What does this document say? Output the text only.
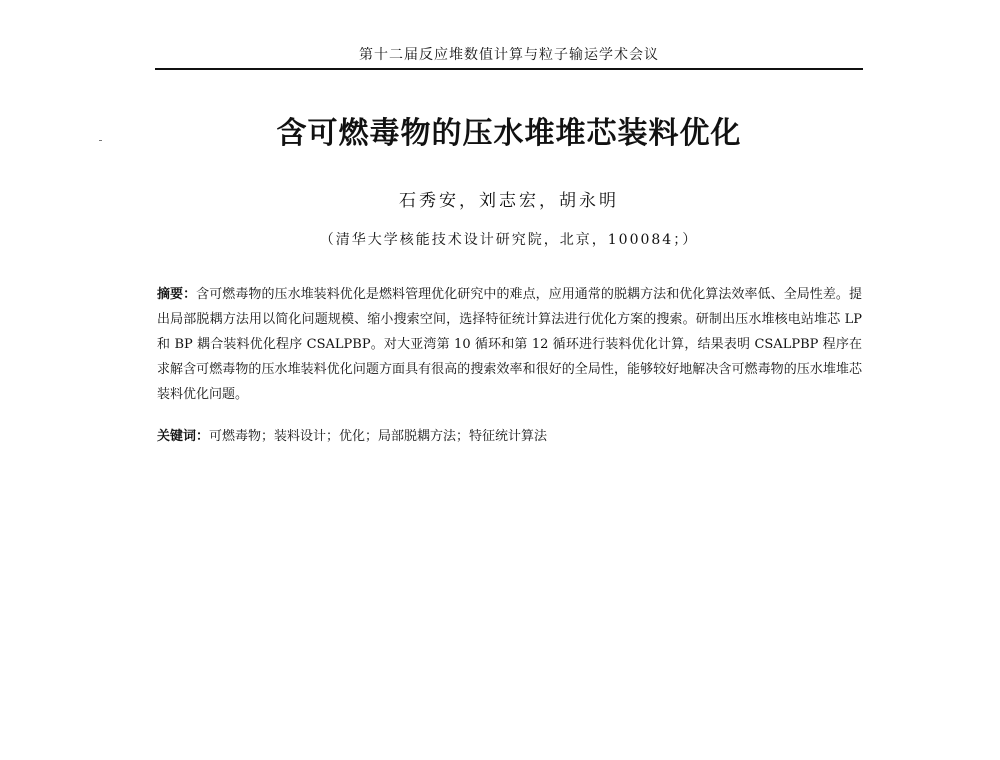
第十二届反应堆数值计算与粒子输运学术会议
含可燃毒物的压水堆堆芯装料优化
石秀安，刘志宏，胡永明
（清华大学核能技术设计研究院，北京，100084；）

摘要：含可燃毒物的压水堆装料优化是燃料管理优化研究中的难点，应用通常的脱耦方法和优化算法效率低、全局性差。提出局部脱耦方法用以简化问题规模、缩小搜索空间，选择特征统计算法进行优化方案的搜索。研制出压水堆核电站堆芯 LP 和 BP 耦合装料优化程序 CSALPBP。对大亚湾第 10 循环和第 12 循环进行装料优化计算，结果表明 CSALPBP 程序在求解含可燃毒物的压水堆装料优化问题方面具有很高的搜索效率和很好的全局性，能够较好地解决含可燃毒物的压水堆堆芯装料优化问题。

关键词：可燃毒物；装料设计；优化；局部脱耦方法；特征统计算法
